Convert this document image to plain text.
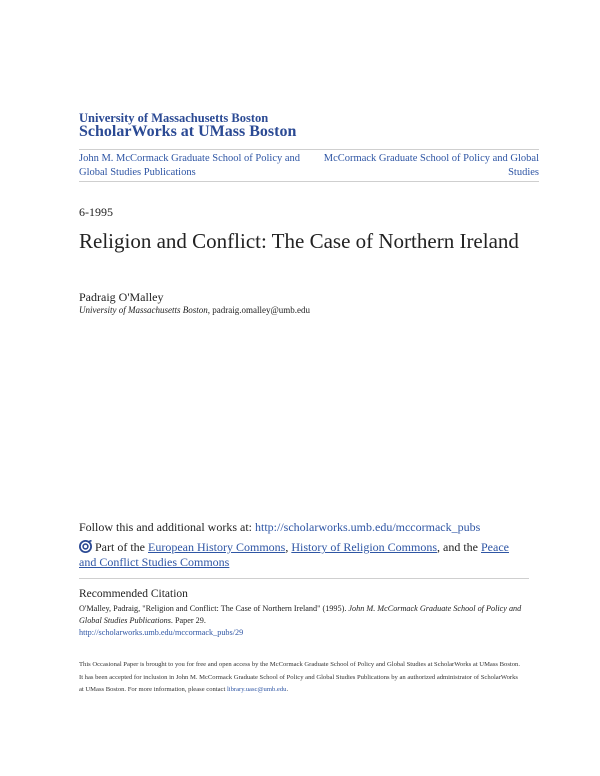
University of Massachusetts Boston
ScholarWorks at UMass Boston
John M. McCormack Graduate School of Policy and Global Studies Publications
McCormack Graduate School of Policy and Global Studies
6-1995
Religion and Conflict: The Case of Northern Ireland
Padraig O'Malley
University of Massachusetts Boston, padraig.omalley@umb.edu
Follow this and additional works at: http://scholarworks.umb.edu/mccormack_pubs
Part of the European History Commons, History of Religion Commons, and the Peace and Conflict Studies Commons
Recommended Citation
O'Malley, Padraig, "Religion and Conflict: The Case of Northern Ireland" (1995). John M. McCormack Graduate School of Policy and Global Studies Publications. Paper 29.
http://scholarworks.umb.edu/mccormack_pubs/29
This Occasional Paper is brought to you for free and open access by the McCormack Graduate School of Policy and Global Studies at ScholarWorks at UMass Boston. It has been accepted for inclusion in John M. McCormack Graduate School of Policy and Global Studies Publications by an authorized administrator of ScholarWorks at UMass Boston. For more information, please contact library.uasc@umb.edu.
